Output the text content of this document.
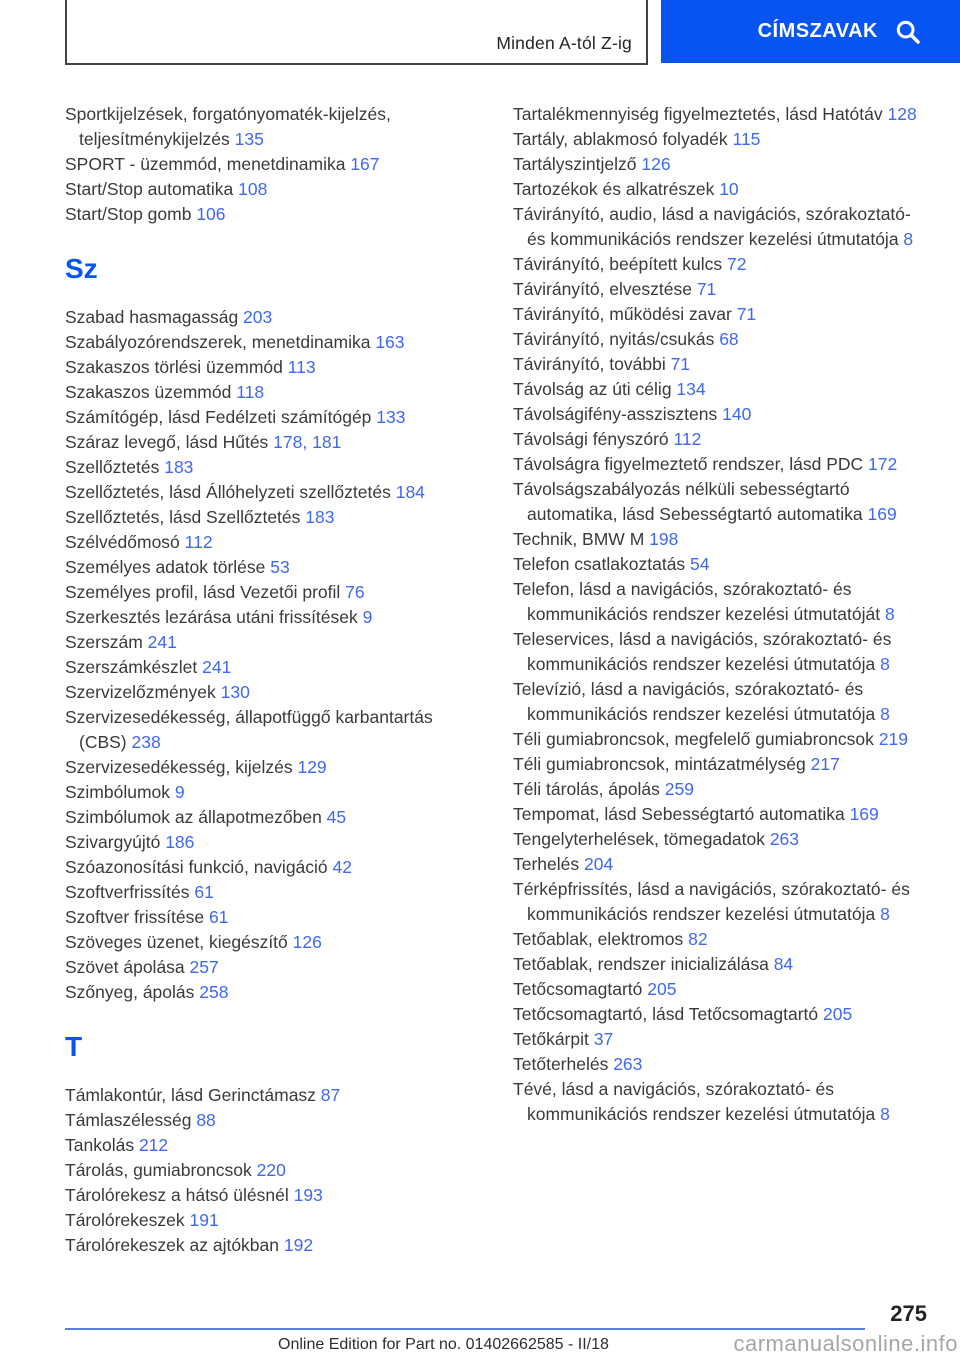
Minden A-tól Z-ig
CÍMSZAVAK
Sportkijelzések, forgatónyomaték-kijelzés, teljesítménykijelzés 135
SPORT - üzemmód, menetdinamika 167
Start/Stop automatika 108
Start/Stop gomb 106
Sz
Szabad hasmagasság 203
Szabályozórendszerek, menetdinamika 163
Szakaszos törlési üzemmód 113
Szakaszos üzemmód 118
Számítógép, lásd Fedélzeti számítógép 133
Száraz levegő, lásd Hűtés 178, 181
Szellőztetés 183
Szellőztetés, lásd Állóhelyzeti szellőztetés 184
Szellőztetés, lásd Szellőztetés 183
Szélvédőmosó 112
Személyes adatok törlése 53
Személyes profil, lásd Vezetői profil 76
Szerkesztés lezárása utáni frissítések 9
Szerszám 241
Szerszámkészlet 241
Szervizelőzmények 130
Szervizesedékesség, állapotfüggő karbantartás (CBS) 238
Szervizesedékesség, kijelzés 129
Szimbólumok 9
Szimbólumok az állapotmezőben 45
Szivargyújtó 186
Szóazonosítási funkció, navigáció 42
Szoftverfrissítés 61
Szoftver frissítése 61
Szöveges üzenet, kiegészítő 126
Szövet ápolása 257
Szőnyeg, ápolás 258
T
Támlakontúr, lásd Gerinctámasz 87
Támlaszélesség 88
Tankolás 212
Tárolás, gumiabroncsok 220
Tárolórekesz a hátsó ülésnél 193
Tárolórekeszek 191
Tárolórekeszek az ajtókban 192
Tartalékmennyiség figyelmeztetés, lásd Hatótáv 128
Tartály, ablakmosó folyadék 115
Tartályszintjelző 126
Tartozékok és alkatrészek 10
Távirányító, audio, lásd a navigációs, szórakoztató- és kommunikációs rendszer kezelési útmutatója 8
Távirányító, beépített kulcs 72
Távirányító, elvesztése 71
Távirányító, működési zavar 71
Távirányító, nyitás/csukás 68
Távirányító, további 71
Távolság az úti célig 134
Távolságifény-asszisztens 140
Távolsági fényszóró 112
Távolságra figyelmeztető rendszer, lásd PDC 172
Távolságszabályozás nélküli sebességtartó automatika, lásd Sebességtartó automatika 169
Technik, BMW M 198
Telefon csatlakoztatás 54
Telefon, lásd a navigációs, szórakoztató- és kommunikációs rendszer kezelési útmutatóját 8
Teleservices, lásd a navigációs, szórakoztató- és kommunikációs rendszer kezelési útmutatója 8
Televízió, lásd a navigációs, szórakoztató- és kommunikációs rendszer kezelési útmutatója 8
Téli gumiabroncsok, megfelelő gumiabroncsok 219
Téli gumiabroncsok, mintázatmélység 217
Téli tárolás, ápolás 259
Tempomat, lásd Sebességtartó automatika 169
Tengelyterhelések, tömegadatok 263
Terhelés 204
Térképfrissítés, lásd a navigációs, szórakoztató- és kommunikációs rendszer kezelési útmutatója 8
Tetőablak, elektromos 82
Tetőablak, rendszer inicializálása 84
Tetőcsomagtartó 205
Tetőcsomagtartó, lásd Tetőcsomagtartó 205
Tetőkárpit 37
Tetőterhelés 263
Tévé, lásd a navigációs, szórakoztató- és kommunikációs rendszer kezelési útmutatója 8
275
Online Edition for Part no. 01402662585 - II/18	carmanualsonline.info
